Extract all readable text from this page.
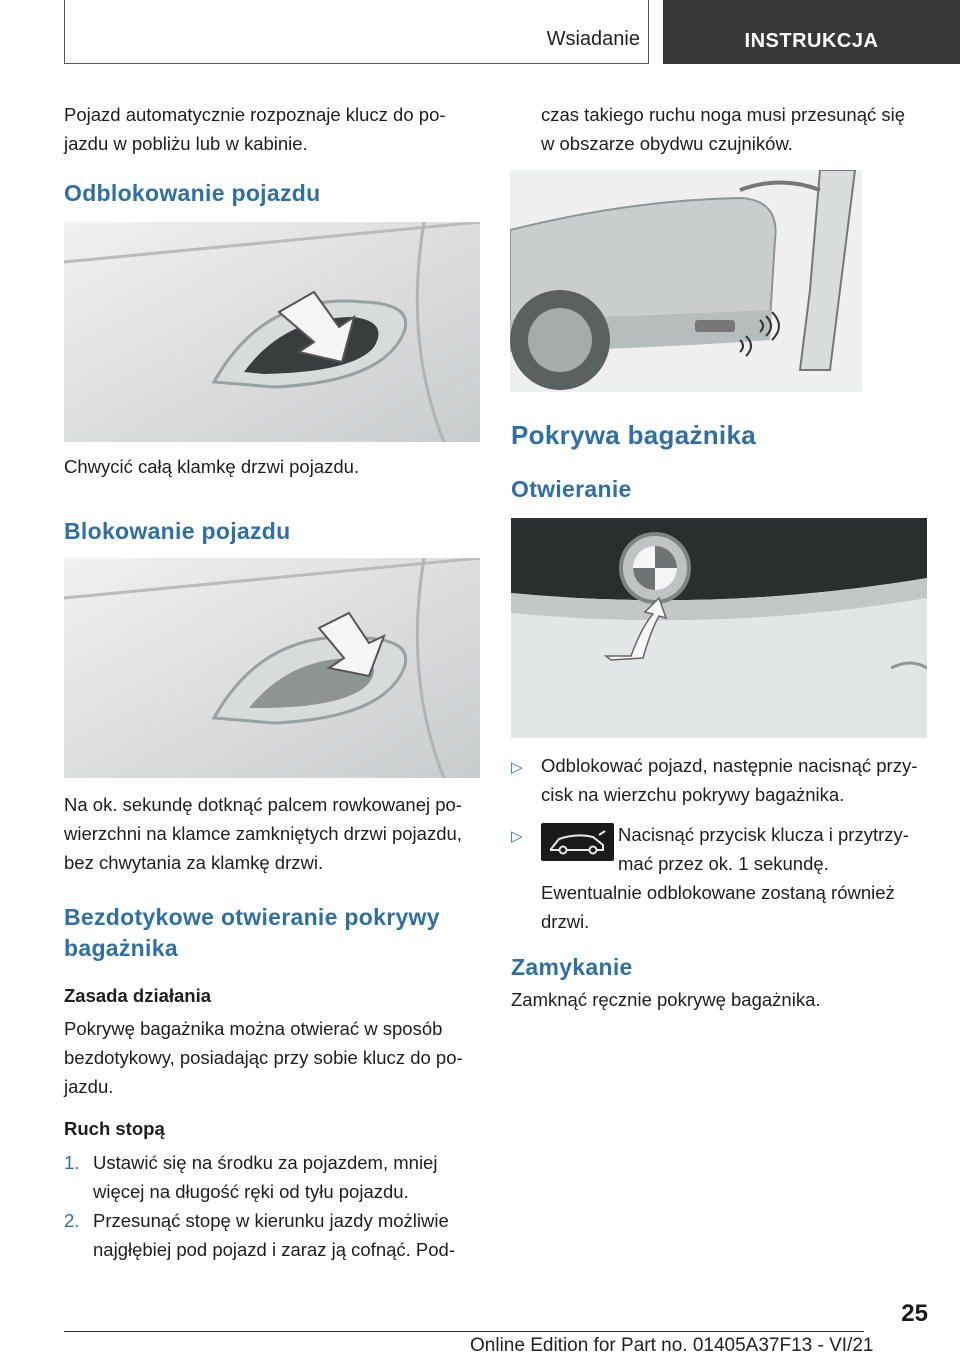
Wsiadanie	INSTRUKCJA
Pojazd automatycznie rozpoznaje klucz do po-
jazdu w pobliżu lub w kabinie.
Odblokowanie pojazdu
Chwycić całą klamkę drzwi pojazdu.
Blokowanie pojazdu
Na ok. sekundę dotknąć palcem rowkowanej po-
wierzchni na klamce zamkniętych drzwi pojazdu,
bez chwytania za klamkę drzwi.
Bezdotykowe otwieranie pokrywy
bagażnika
Zasada działania
Pokrywę bagażnika można otwierać w sposób
bezdotykowy, posiadając przy sobie klucz do po-
jazdu.
Ruch stopą
1. Ustawić się na środku za pojazdem, mniej
więcej na długość ręki od tyłu pojazdu.
2. Przesunąć stopę w kierunku jazdy możliwie
najgłębiej pod pojazd i zaraz ją cofnąć. Pod-
czas takiego ruchu noga musi przesunąć się
w obszarze obydwu czujników.
Pokrywa bagażnika
Otwieranie
▷ Odblokować pojazd, następnie nacisnąć przy-
cisk na wierzchu pokrywy bagażnika.
▷	Nacisnąć przycisk klucza i przytrzy-
mać przez ok. 1 sekundę.
Ewentualnie odblokowane zostaną również
drzwi.
Zamykanie
Zamknąć ręcznie pokrywę bagażnika.
25
Online Edition for Part no. 01405A37F13 - VI/21
